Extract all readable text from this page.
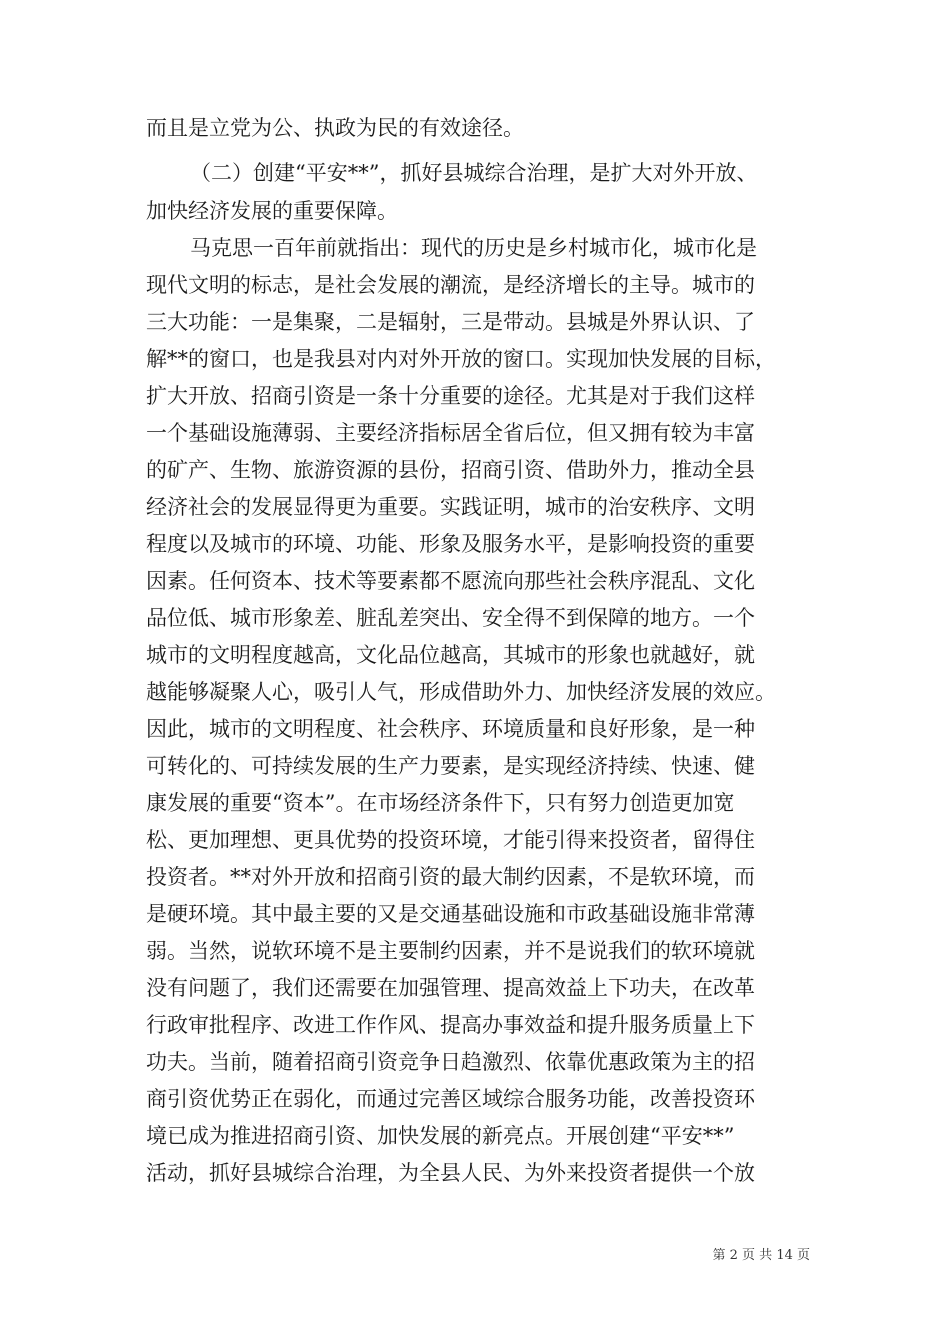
而且是立党为公、执政为民的有效途径。
（二）创建“平安**”，抓好县城综合治理，是扩大对外开放、
加快经济发展的重要保障。
马克思一百年前就指出：现代的历史是乡村城市化，城市化是
现代文明的标志，是社会发展的潮流，是经济增长的主导。城市的
三大功能：一是集聚，二是辐射，三是带动。县城是外界认识、了
解**的窗口，也是我县对内对外开放的窗口。实现加快发展的目标，
扩大开放、招商引资是一条十分重要的途径。尤其是对于我们这样
一个基础设施薄弱、主要经济指标居全省后位，但又拥有较为丰富
的矿产、生物、旅游资源的县份，招商引资、借助外力，推动全县
经济社会的发展显得更为重要。实践证明，城市的治安秩序、文明
程度以及城市的环境、功能、形象及服务水平，是影响投资的重要
因素。任何资本、技术等要素都不愿流向那些社会秩序混乱、文化
品位低、城市形象差、脏乱差突出、安全得不到保障的地方。一个
城市的文明程度越高，文化品位越高，其城市的形象也就越好，就
越能够凝聚人心，吸引人气，形成借助外力、加快经济发展的效应。
因此，城市的文明程度、社会秩序、环境质量和良好形象，是一种
可转化的、可持续发展的生产力要素，是实现经济持续、快速、健
康发展的重要“资本”。在市场经济条件下，只有努力创造更加宽
松、更加理想、更具优势的投资环境，才能引得来投资者，留得住
投资者。**对外开放和招商引资的最大制约因素，不是软环境，而
是硬环境。其中最主要的又是交通基础设施和市政基础设施非常薄
弱。当然，说软环境不是主要制约因素，并不是说我们的软环境就
没有问题了，我们还需要在加强管理、提高效益上下功夫，在改革
行政审批程序、改进工作作风、提高办事效益和提升服务质量上下
功夫。当前，随着招商引资竞争日趋激烈、依靠优惠政策为主的招
商引资优势正在弱化，而通过完善区域综合服务功能，改善投资环
境已成为推进招商引资、加快发展的新亮点。开展创建“平安**”
活动，抓好县城综合治理，为全县人民、为外来投资者提供一个放
第 2 页 共 14 页
